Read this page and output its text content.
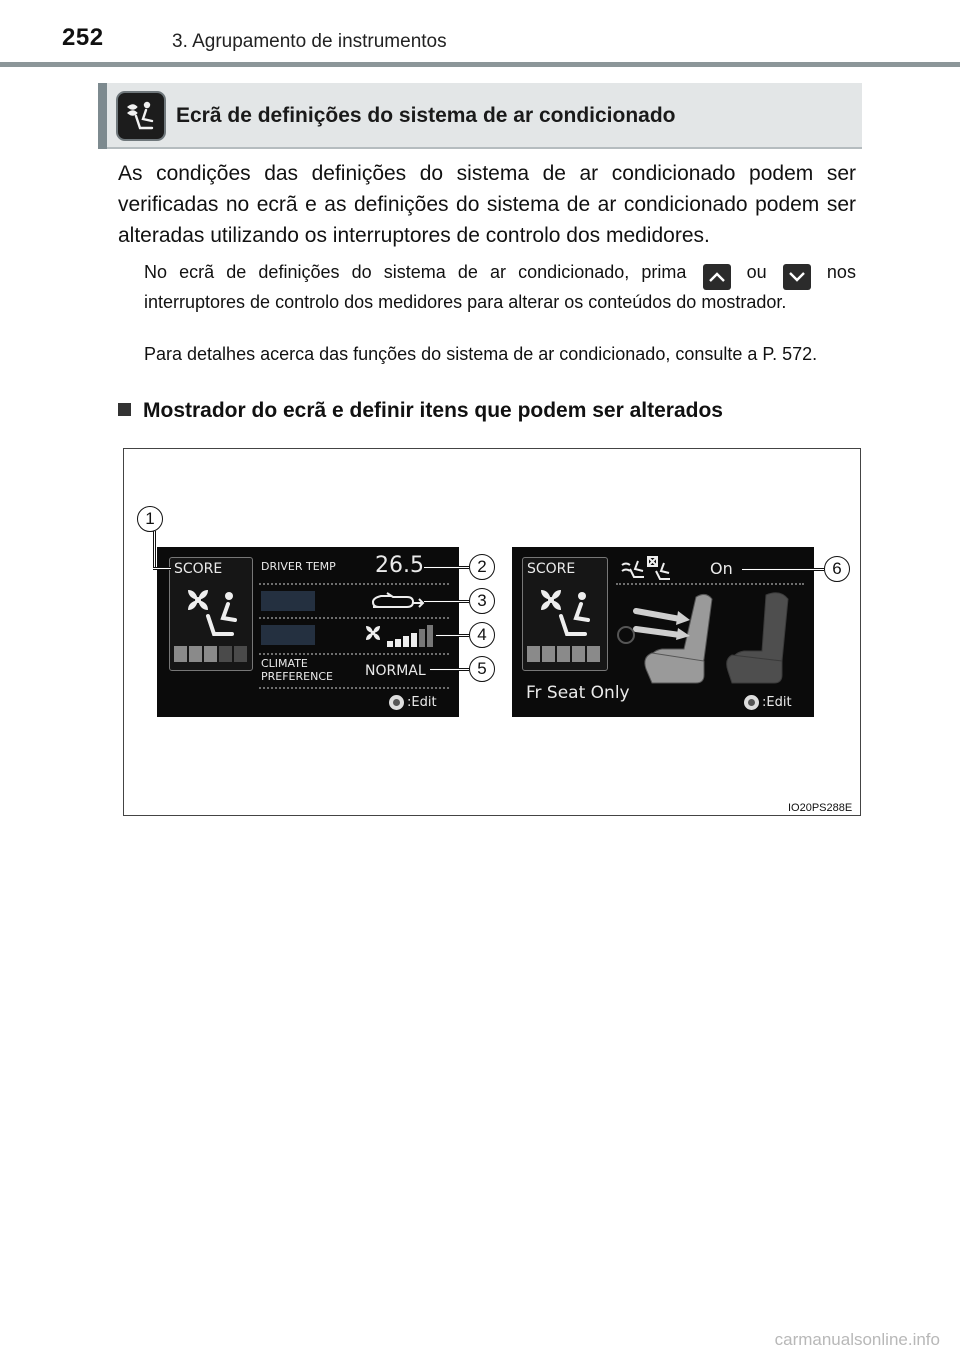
252	3. Agrupamento de instrumentos
Ecrã de definições do sistema de ar condicionado
As condições das definições do sistema de ar condicionado podem ser verificadas no ecrã e as definições do sistema de ar condicionado podem ser alteradas utilizando os interruptores de controlo dos medidores.
No ecrã de definições do sistema de ar condicionado, prima	ou	nos interruptores de controlo dos medidores para alterar os conteúdos do mostrador.
Para detalhes acerca das funções do sistema de ar condicionado, consulte a P. 572.
Mostrador do ecrã e definir itens que podem ser alterados
SCORE	DRIVER TEMP 26.5
CLIMATE
PREFERENCE NORMAL
:Edit
SCORE	On
Fr Seat Only	:Edit
1
2
3
4
5
6
IO20PS288E
carmanualsonline.info
